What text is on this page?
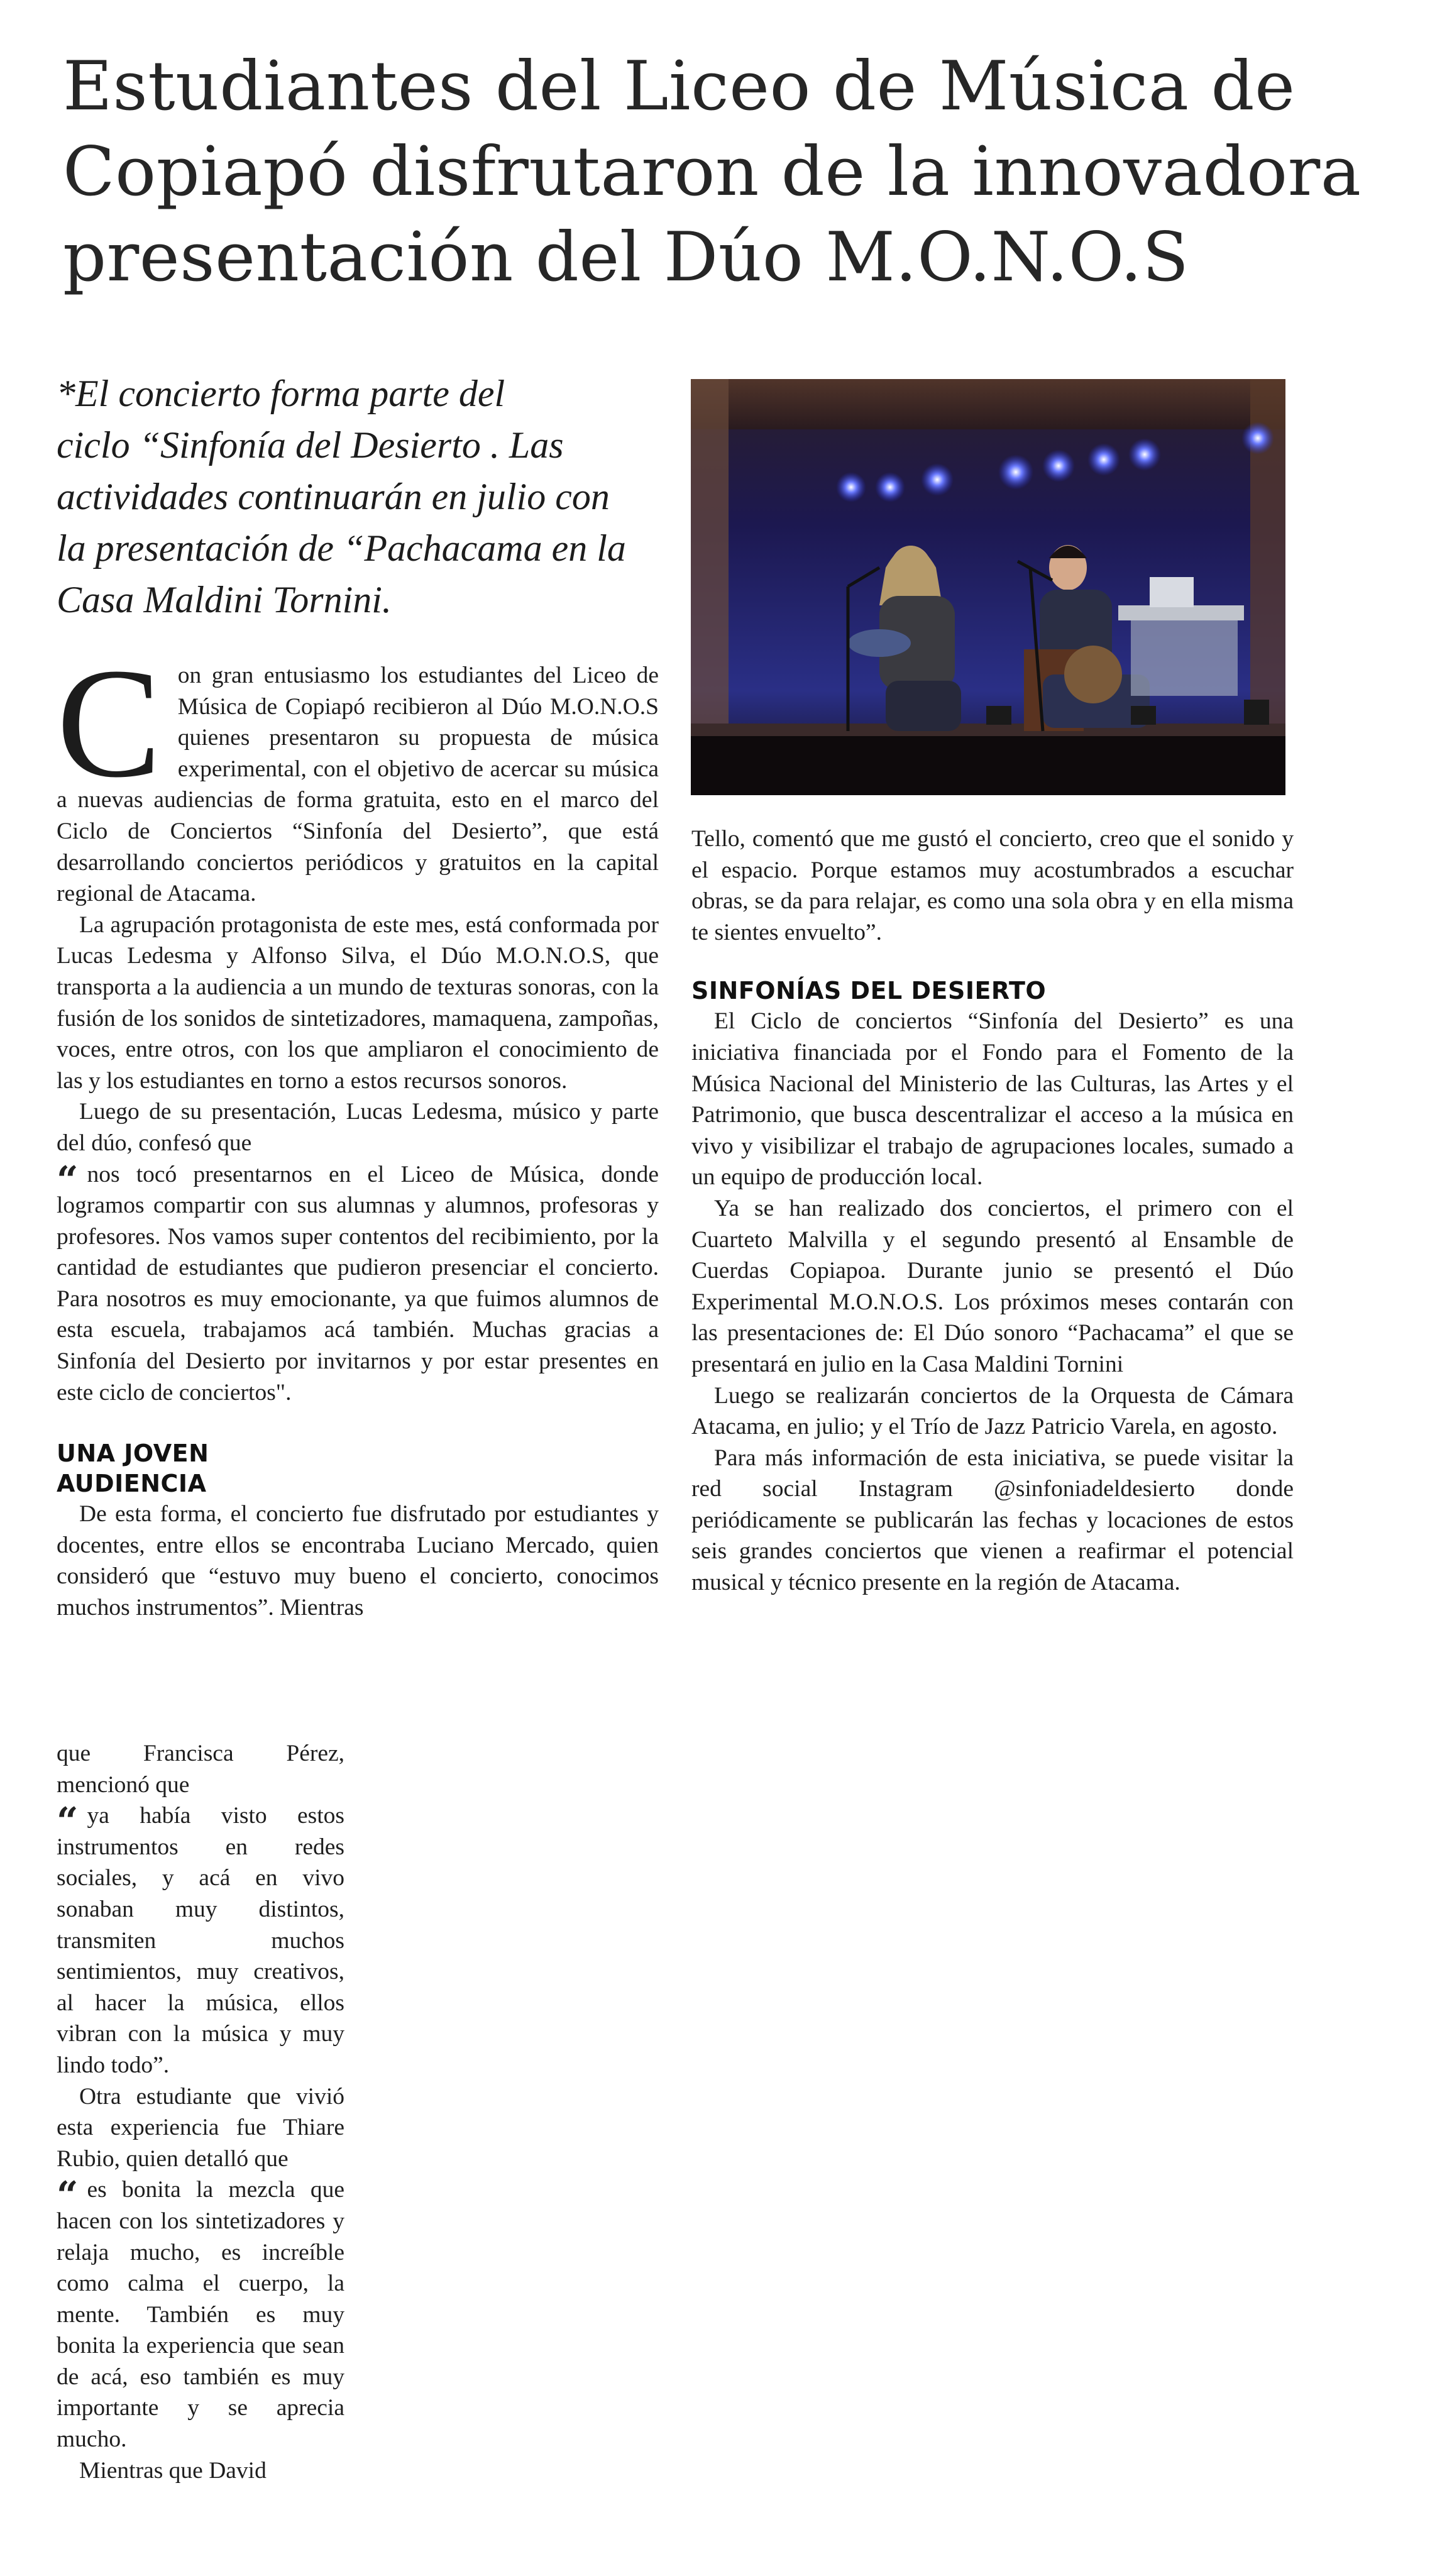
Estudiantes del Liceo de Música de Copiapó disfrutaron de la innovadora presentación del Dúo M.O.N.O.S
*El concierto forma parte del
ciclo “Sinfonía del Desierto . Las
actividades continuarán en julio con
la presentación de “Pachacama en la
Casa Maldini Tornini.
C on gran entusiasmo los estudiantes del Liceo de Música de Copiapó recibieron al Dúo M.O.N.O.S quienes presentaron su propuesta de música experimental, con el objetivo de acercar su música a nuevas audiencias de forma gratuita, esto en el marco del Ciclo de Conciertos “Sinfonía del Desierto”, que está desarrollando conciertos periódicos y gratuitos en la capital regional de Atacama.

La agrupación protagonista de este mes, está conformada por Lucas Ledesma y Alfonso Silva, el Dúo M.O.N.O.S, que transporta a la audiencia a un mundo de texturas sonoras, con la fusión de los sonidos de sintetizadores, mamaquena, zampoñas, voces, entre otros, con los que ampliaron el conocimiento de las y los estudiantes en torno a estos recursos sonoros.

Luego de su presentación, Lucas Ledesma, músico y parte del dúo, confesó que

“ nos tocó presentarnos en el Liceo de Música, donde logramos compartir con sus alumnas y alumnos, profesoras y profesores. Nos vamos super contentos del recibimiento, por la cantidad de estudiantes que pudieron presenciar el concierto. Para nosotros es muy emocionante, ya que fuimos alumnos de esta escuela, trabajamos acá también. Muchas gracias a Sinfonía del Desierto por invitarnos y por estar presentes en este ciclo de conciertos".

UNA JOVEN AUDIENCIA

De esta forma, el concierto fue disfrutado por estudiantes y docentes, entre ellos se encontraba Luciano Mercado, quien consideró que “estuvo muy bueno el concierto, conocimos muchos instrumentos”. Mientras

que Francisca Pérez, mencionó que

“ ya había visto estos instrumentos en redes sociales, y acá en vivo sonaban muy distintos, transmiten muchos sentimientos, muy creativos, al hacer la música, ellos vibran con la música y muy lindo todo”.

Otra estudiante que vivió esta experiencia fue Thiare Rubio, quien detalló que

“ es bonita la mezcla que hacen con los sintetizadores y relaja mucho, es increíble como calma el cuerpo, la mente. También es muy bonita la experiencia que sean de acá, eso también es muy importante y se aprecia mucho.

Mientras que David

Tello, comentó que me gustó el concierto, creo que el sonido y el espacio. Porque estamos muy acostumbrados a escuchar obras, se da para relajar, es como una sola obra y en ella misma te sientes envuelto”.

SINFONÍAS DEL DESIERTO

El Ciclo de conciertos “Sinfonía del Desierto” es una iniciativa financiada por el Fondo para el Fomento de la Música Nacional del Ministerio de las Culturas, las Artes y el Patrimonio, que busca descentralizar el acceso a la música en vivo y visibilizar el trabajo de agrupaciones locales, sumado a un equipo de producción local.

Ya se han realizado dos conciertos, el primero con el Cuarteto Malvilla y el segundo presentó al Ensamble de Cuerdas Copiapoa. Durante junio se presentó el Dúo Experimental M.O.N.O.S. Los próximos meses contarán con las presentaciones de: El Dúo sonoro “Pachacama” el que se presentará en julio en la Casa Maldini Tornini

Luego se realizarán conciertos de la Orquesta de Cámara Atacama, en julio; y el Trío de Jazz Patricio Varela, en agosto.

Para más información de esta iniciativa, se puede visitar la red social Instagram @sinfoniadeldesierto donde periódicamente se publicarán las fechas y locaciones de estos seis grandes conciertos que vienen a reafirmar el potencial musical y técnico presente en la región de Atacama.
